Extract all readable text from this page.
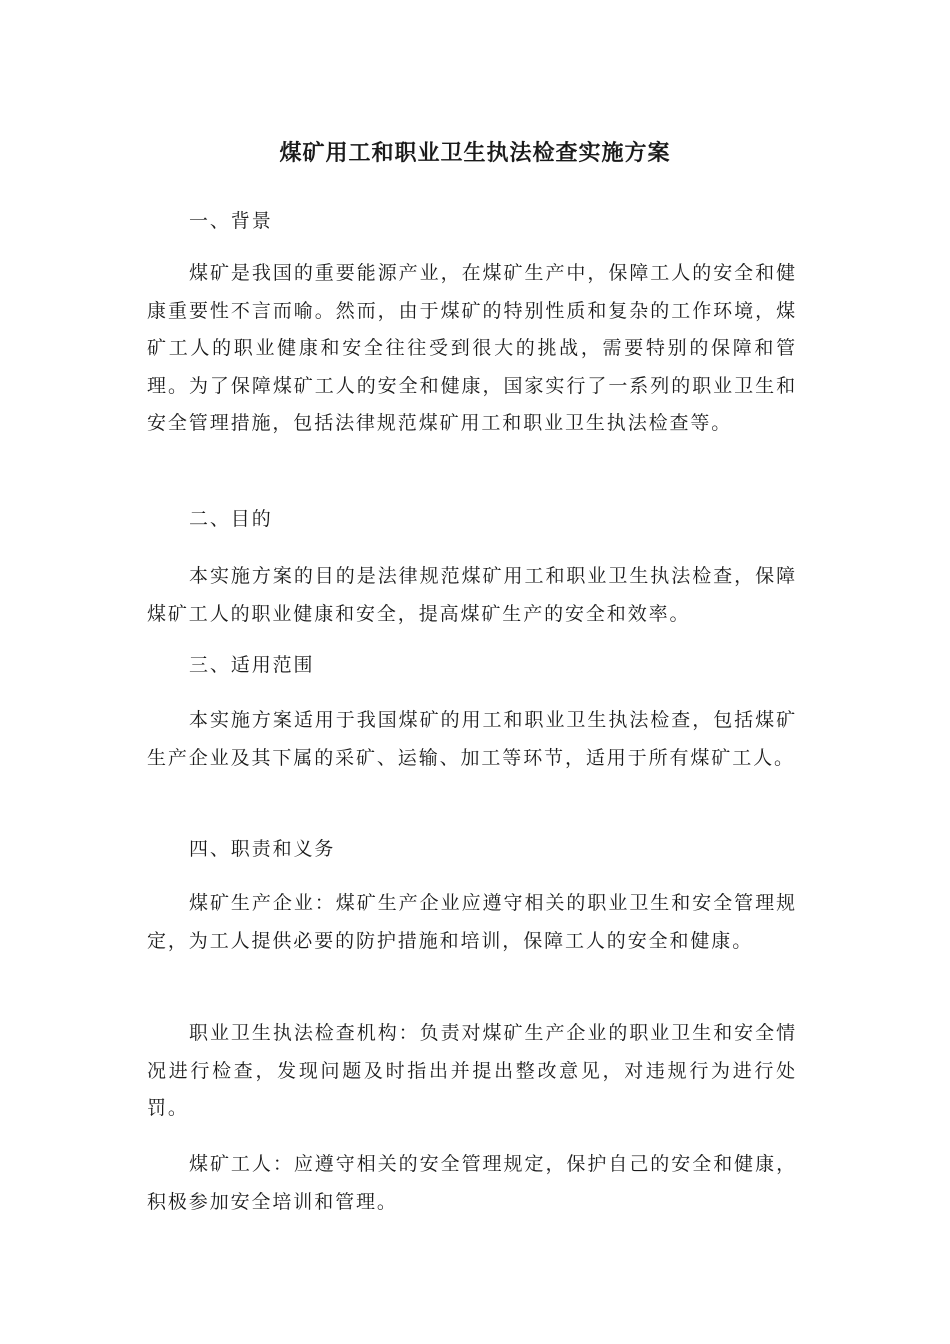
煤矿用工和职业卫生执法检查实施方案

一、背景

煤矿是我国的重要能源产业，在煤矿生产中，保障工人的安全和健康重要性不言而喻。然而，由于煤矿的特别性质和复杂的工作环境，煤矿工人的职业健康和安全往往受到很大的挑战，需要特别的保障和管理。为了保障煤矿工人的安全和健康，国家实行了一系列的职业卫生和安全管理措施，包括法律规范煤矿用工和职业卫生执法检查等。

二、目的

本实施方案的目的是法律规范煤矿用工和职业卫生执法检查，保障煤矿工人的职业健康和安全，提高煤矿生产的安全和效率。

三、适用范围

本实施方案适用于我国煤矿的用工和职业卫生执法检查，包括煤矿生产企业及其下属的采矿、运输、加工等环节，适用于所有煤矿工人。

四、职责和义务

煤矿生产企业：煤矿生产企业应遵守相关的职业卫生和安全管理规定，为工人提供必要的防护措施和培训，保障工人的安全和健康。

职业卫生执法检查机构：负责对煤矿生产企业的职业卫生和安全情况进行检查，发现问题及时指出并提出整改意见，对违规行为进行处罚。

煤矿工人：应遵守相关的安全管理规定，保护自己的安全和健康，积极参加安全培训和管理。
